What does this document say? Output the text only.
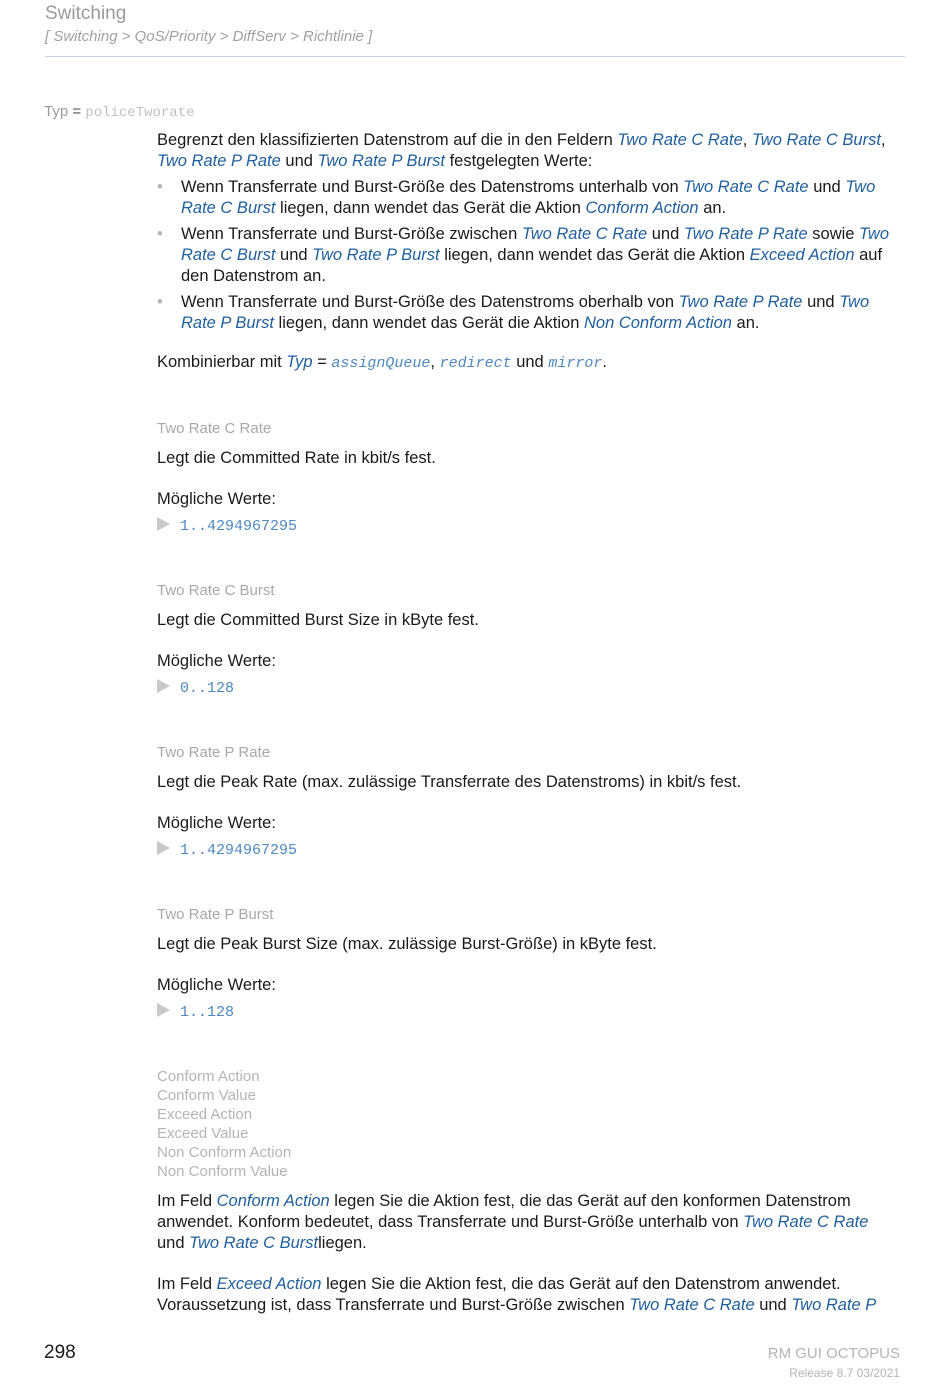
Switching
[ Switching > QoS/Priority > DiffServ > Richtlinie ]
Typ = policeTworate
Begrenzt den klassifizierten Datenstrom auf die in den Feldern Two Rate C Rate, Two Rate C Burst, Two Rate P Rate und Two Rate P Burst festgelegten Werte:
• Wenn Transferrate und Burst-Größe des Datenstroms unterhalb von Two Rate C Rate und Two Rate C Burst liegen, dann wendet das Gerät die Aktion Conform Action an.
• Wenn Transferrate und Burst-Größe zwischen Two Rate C Rate und Two Rate P Rate sowie Two Rate C Burst und Two Rate P Burst liegen, dann wendet das Gerät die Aktion Exceed Action auf den Datenstrom an.
• Wenn Transferrate und Burst-Größe des Datenstroms oberhalb von Two Rate P Rate und Two Rate P Burst liegen, dann wendet das Gerät die Aktion Non Conform Action an.
Kombinierbar mit Typ = assignQueue, redirect und mirror.
Two Rate C Rate
Legt die Committed Rate in kbit/s fest.
Mögliche Werte:
1..4294967295
Two Rate C Burst
Legt die Committed Burst Size in kByte fest.
Mögliche Werte:
0..128
Two Rate P Rate
Legt die Peak Rate (max. zulässige Transferrate des Datenstroms) in kbit/s fest.
Mögliche Werte:
1..4294967295
Two Rate P Burst
Legt die Peak Burst Size (max. zulässige Burst-Größe) in kByte fest.
Mögliche Werte:
1..128
Conform Action
Conform Value
Exceed Action
Exceed Value
Non Conform Action
Non Conform Value
Im Feld Conform Action legen Sie die Aktion fest, die das Gerät auf den konformen Datenstrom anwendet. Konform bedeutet, dass Transferrate und Burst-Größe unterhalb von Two Rate C Rate und Two Rate C Burstliegen.
Im Feld Exceed Action legen Sie die Aktion fest, die das Gerät auf den Datenstrom anwendet. Voraussetzung ist, dass Transferrate und Burst-Größe zwischen Two Rate C Rate und Two Rate P
298	RM GUI OCTOPUS
Release 8.7 03/2021
